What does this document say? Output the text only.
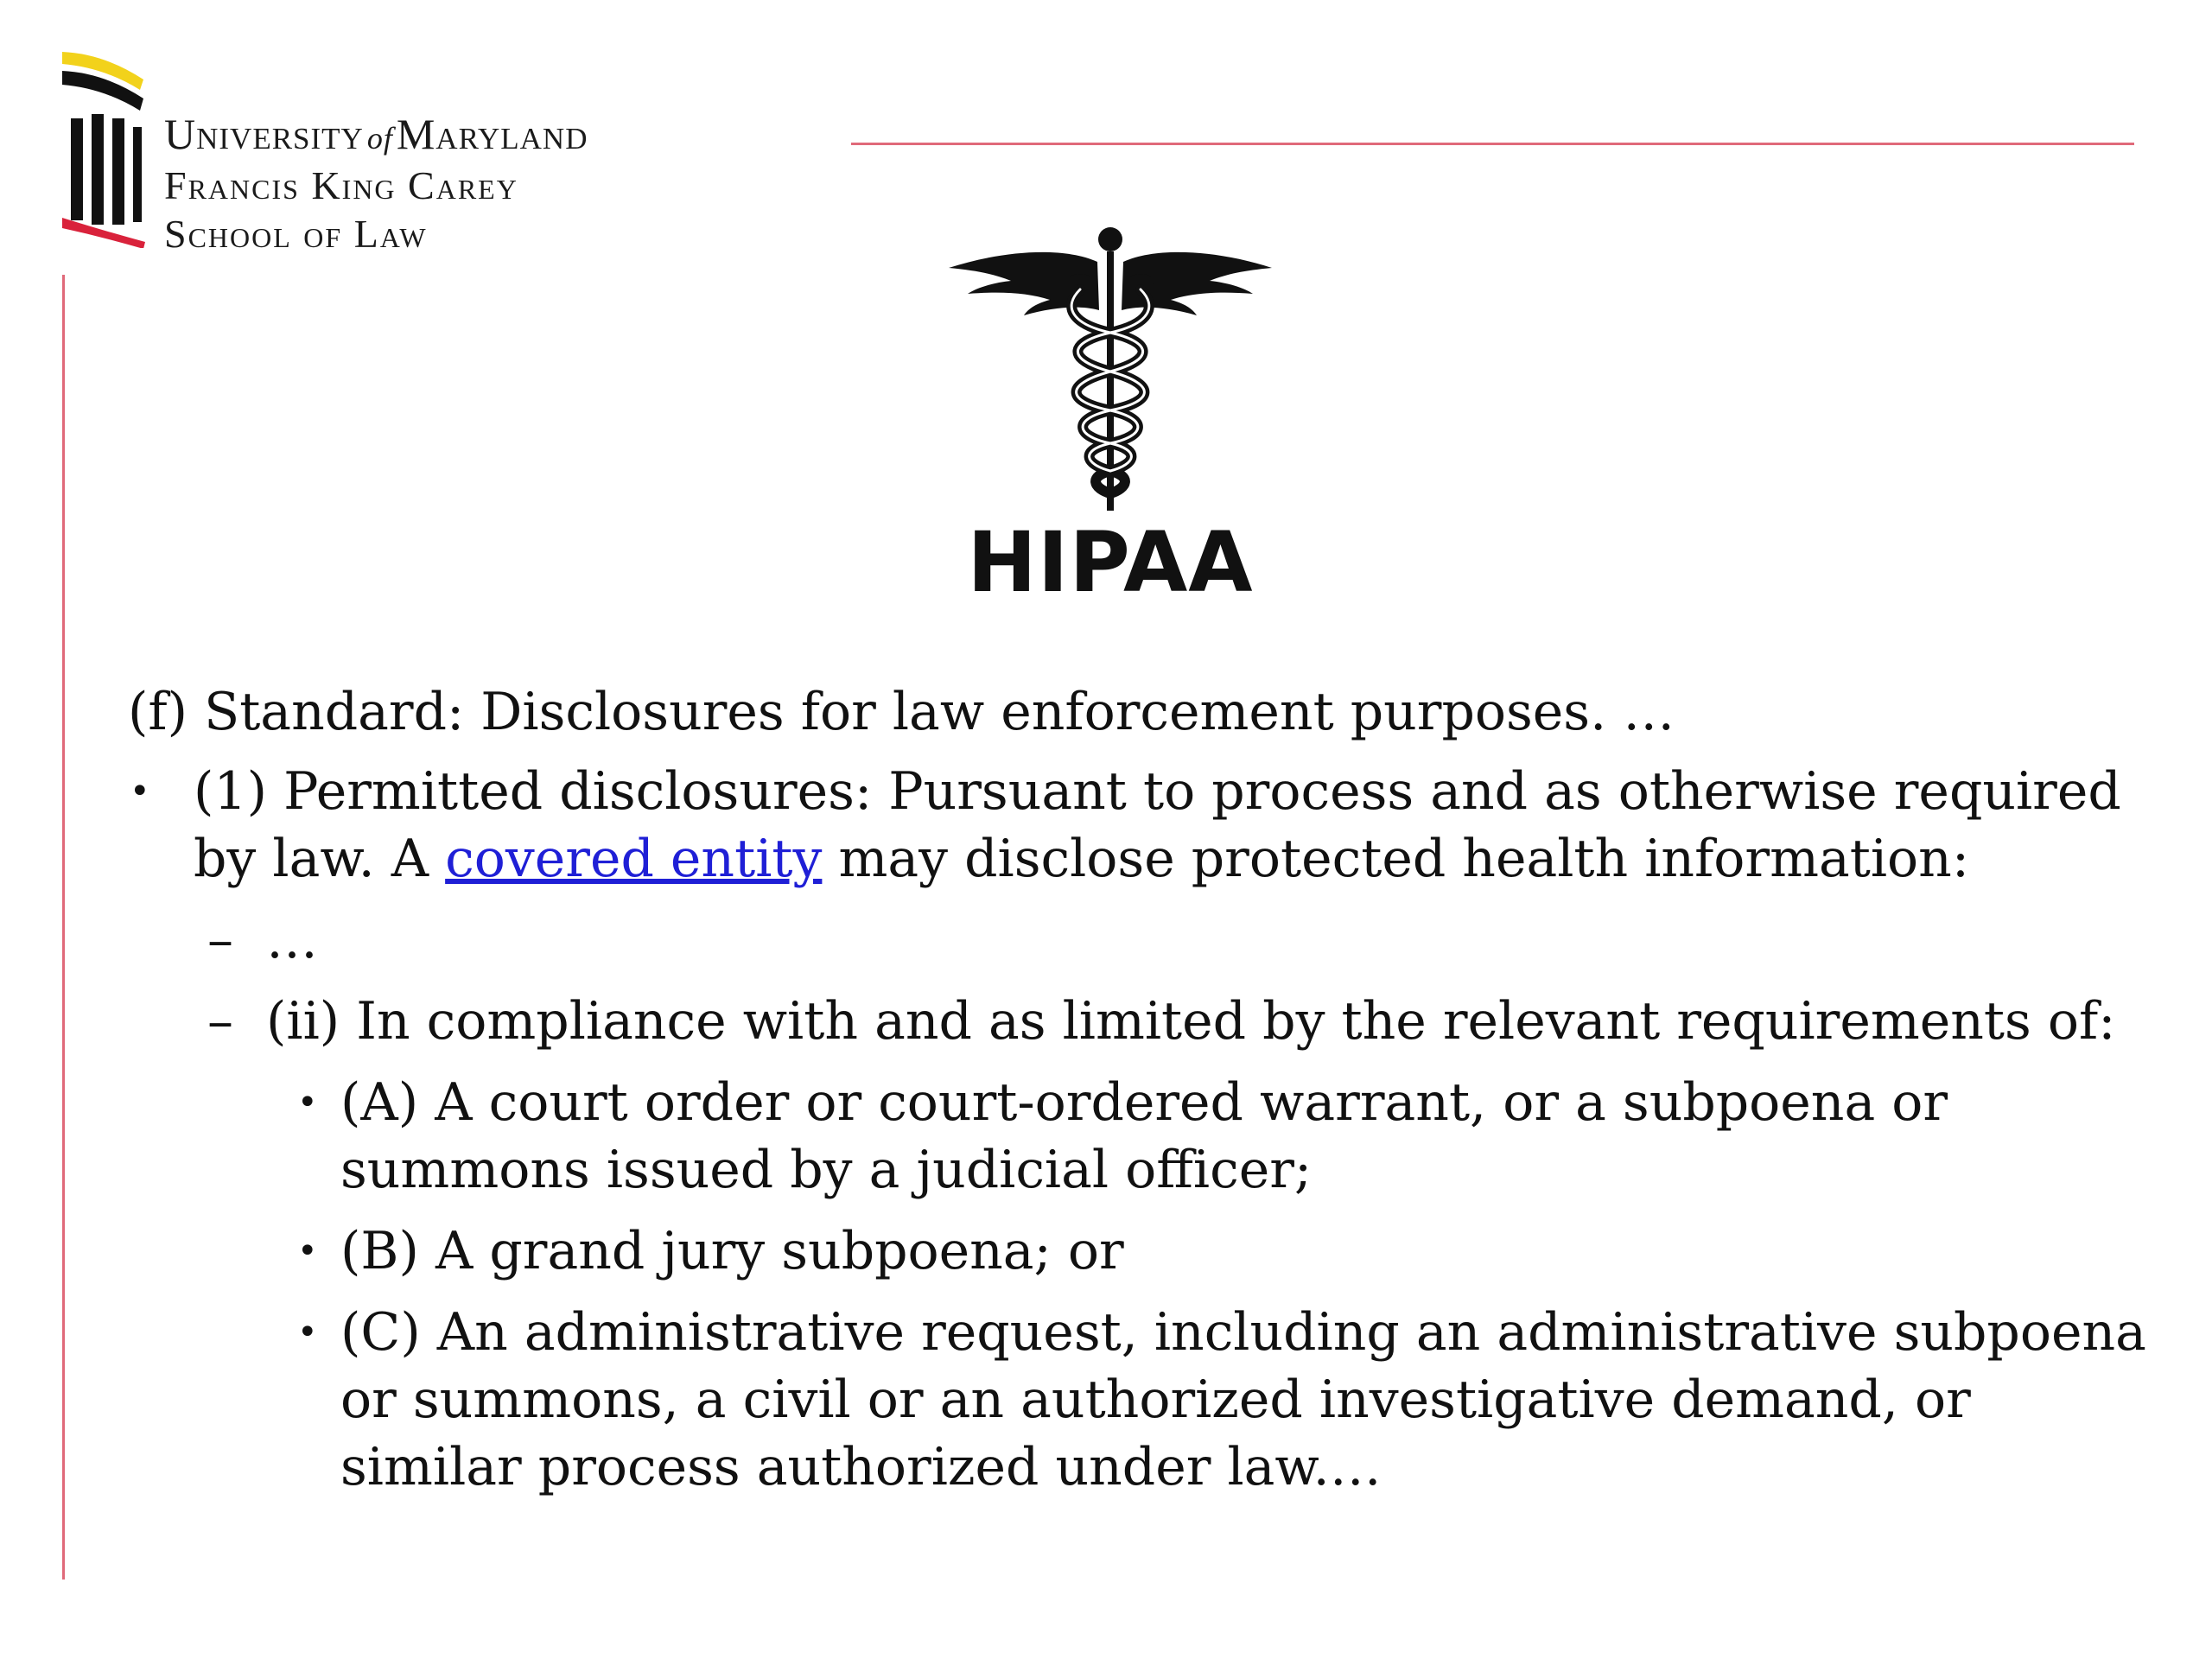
University ofMaryland
Francis King Carey
School of Law
HIPAA
(f) Standard: Disclosures for law enforcement purposes. …
• (1) Permitted disclosures: Pursuant to process and as otherwise required by law. A covered entity may disclose protected health information:
– …
– (ii) In compliance with and as limited by the relevant requirements of:
• (A) A court order or court-ordered warrant, or a subpoena or summons issued by a judicial officer;
• (B) A grand jury subpoena; or
• (C) An administrative request, including an administrative subpoena or summons, a civil or an authorized investigative demand, or similar process authorized under law.…
